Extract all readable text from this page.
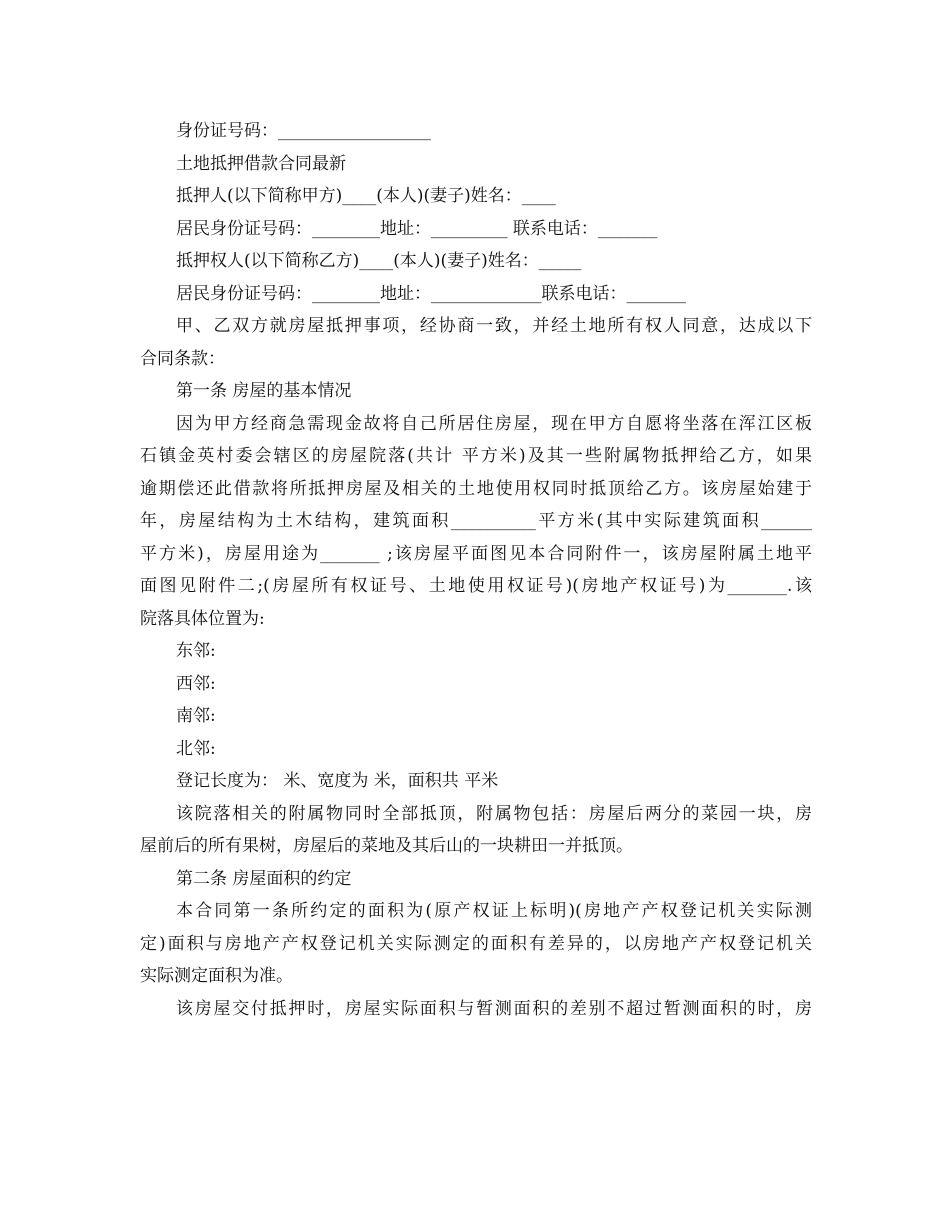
身份证号码：__________________
土地抵押借款合同最新
抵押人(以下简称甲方)____(本人)(妻子)姓名：____
居民身份证号码：________地址：_________ 联系电话：_______
抵押权人(以下简称乙方)____(本人)(妻子)姓名：_____
居民身份证号码：________地址：_____________联系电话：_______
甲、乙双方就房屋抵押事项，经协商一致，并经土地所有权人同意，达成以下
合同条款：
第一条 房屋的基本情况
因为甲方经商急需现金故将自己所居住房屋，现在甲方自愿将坐落在浑江区板
石镇金英村委会辖区的房屋院落(共计 平方米)及其一些附属物抵押给乙方，如果
逾期偿还此借款将所抵押房屋及相关的土地使用权同时抵顶给乙方。该房屋始建于
年，房屋结构为土木结构，建筑面积__________平方米(其中实际建筑面积______
平方米)，房屋用途为_______ ;该房屋平面图见本合同附件一，该房屋附属土地平
面图见附件二;(房屋所有权证号、土地使用权证号)(房地产权证号)为_______.该
院落具体位置为:
东邻:
西邻:
南邻:
北邻:
登记长度为： 米、宽度为 米，面积共 平米
该院落相关的附属物同时全部抵顶，附属物包括：房屋后两分的菜园一块，房
屋前后的所有果树，房屋后的菜地及其后山的一块耕田一并抵顶。
第二条 房屋面积的约定
本合同第一条所约定的面积为(原产权证上标明)(房地产产权登记机关实际测
定)面积与房地产产权登记机关实际测定的面积有差异的，以房地产产权登记机关
实际测定面积为准。
该房屋交付抵押时，房屋实际面积与暂测面积的差别不超过暂测面积的时，房
